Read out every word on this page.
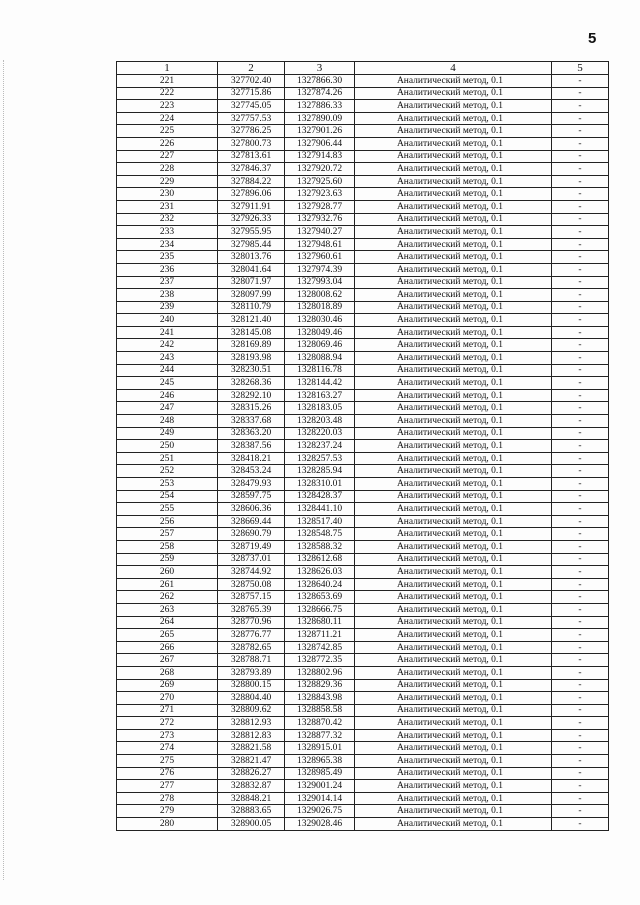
5
1	2	3	4	5
221	327702.40	1327866.30	Аналитический метод, 0.1	-
222	327715.86	1327874.26	Аналитический метод, 0.1	-
223	327745.05	1327886.33	Аналитический метод, 0.1	-
224	327757.53	1327890.09	Аналитический метод, 0.1	-
225	327786.25	1327901.26	Аналитический метод, 0.1	-
226	327800.73	1327906.44	Аналитический метод, 0.1	-
227	327813.61	1327914.83	Аналитический метод, 0.1	-
228	327846.37	1327920.72	Аналитический метод, 0.1	-
229	327884.22	1327925.60	Аналитический метод, 0.1	-
230	327896.06	1327923.63	Аналитический метод, 0.1	-
231	327911.91	1327928.77	Аналитический метод, 0.1	-
232	327926.33	1327932.76	Аналитический метод, 0.1	-
233	327955.95	1327940.27	Аналитический метод, 0.1	-
234	327985.44	1327948.61	Аналитический метод, 0.1	-
235	328013.76	1327960.61	Аналитический метод, 0.1	-
236	328041.64	1327974.39	Аналитический метод, 0.1	-
237	328071.97	1327993.04	Аналитический метод, 0.1	-
238	328097.99	1328008.62	Аналитический метод, 0.1	-
239	328110.79	1328018.89	Аналитический метод, 0.1	-
240	328121.40	1328030.46	Аналитический метод, 0.1	-
241	328145.08	1328049.46	Аналитический метод, 0.1	-
242	328169.89	1328069.46	Аналитический метод, 0.1	-
243	328193.98	1328088.94	Аналитический метод, 0.1	-
244	328230.51	1328116.78	Аналитический метод, 0.1	-
245	328268.36	1328144.42	Аналитический метод, 0.1	-
246	328292.10	1328163.27	Аналитический метод, 0.1	-
247	328315.26	1328183.05	Аналитический метод, 0.1	-
248	328337.68	1328203.48	Аналитический метод, 0.1	-
249	328363.20	1328220.03	Аналитический метод, 0.1	-
250	328387.56	1328237.24	Аналитический метод, 0.1	-
251	328418.21	1328257.53	Аналитический метод, 0.1	-
252	328453.24	1328285.94	Аналитический метод, 0.1	-
253	328479.93	1328310.01	Аналитический метод, 0.1	-
254	328597.75	1328428.37	Аналитический метод, 0.1	-
255	328606.36	1328441.10	Аналитический метод, 0.1	-
256	328669.44	1328517.40	Аналитический метод, 0.1	-
257	328690.79	1328548.75	Аналитический метод, 0.1	-
258	328719.49	1328588.32	Аналитический метод, 0.1	-
259	328737.01	1328612.68	Аналитический метод, 0.1	-
260	328744.92	1328626.03	Аналитический метод, 0.1	-
261	328750.08	1328640.24	Аналитический метод, 0.1	-
262	328757.15	1328653.69	Аналитический метод, 0.1	-
263	328765.39	1328666.75	Аналитический метод, 0.1	-
264	328770.96	1328680.11	Аналитический метод, 0.1	-
265	328776.77	1328711.21	Аналитический метод, 0.1	-
266	328782.65	1328742.85	Аналитический метод, 0.1	-
267	328788.71	1328772.35	Аналитический метод, 0.1	-
268	328793.89	1328802.96	Аналитический метод, 0.1	-
269	328800.15	1328829.36	Аналитический метод, 0.1	-
270	328804.40	1328843.98	Аналитический метод, 0.1	-
271	328809.62	1328858.58	Аналитический метод, 0.1	-
272	328812.93	1328870.42	Аналитический метод, 0.1	-
273	328812.83	1328877.32	Аналитический метод, 0.1	-
274	328821.58	1328915.01	Аналитический метод, 0.1	-
275	328821.47	1328965.38	Аналитический метод, 0.1	-
276	328826.27	1328985.49	Аналитический метод, 0.1	-
277	328832.87	1329001.24	Аналитический метод, 0.1	-
278	328848.21	1329014.14	Аналитический метод, 0.1	-
279	328883.65	1329026.75	Аналитический метод, 0.1	-
280	328900.05	1329028.46	Аналитический метод, 0.1	-
